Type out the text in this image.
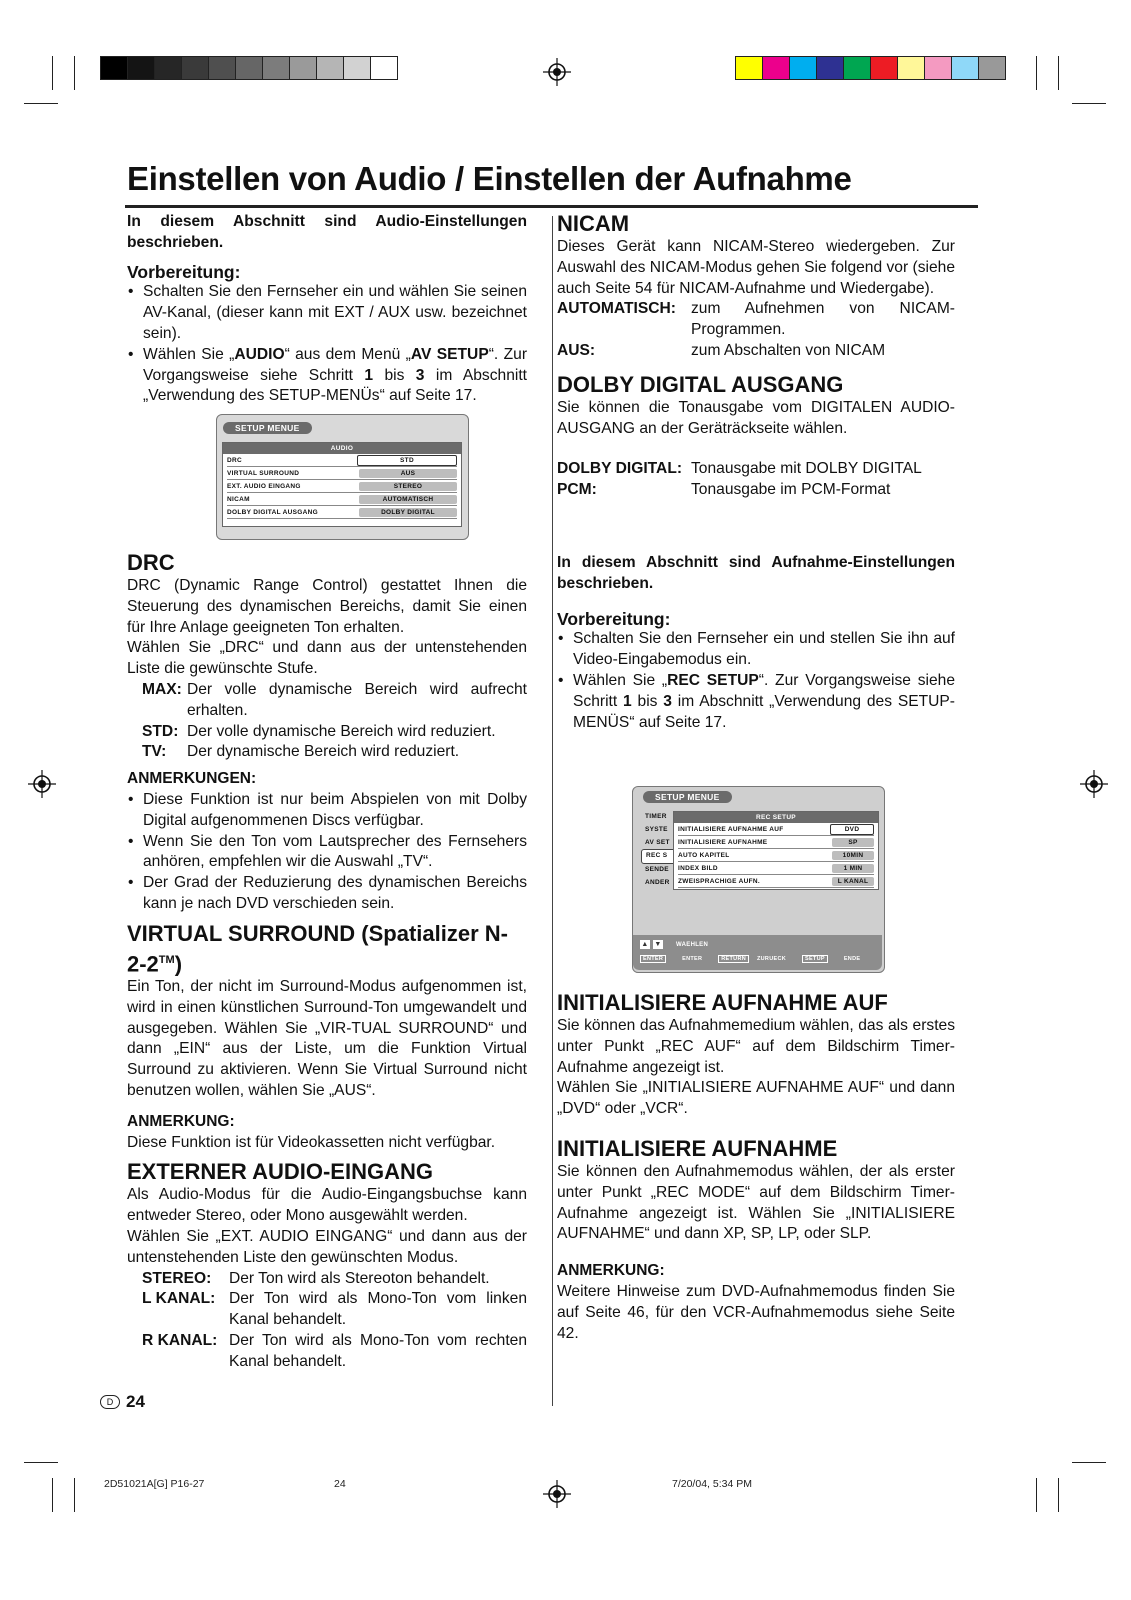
Einstellen von Audio / Einstellen der Aufnahme

In diesem Abschnitt sind Audio-Einstellungen beschrieben.

Vorbereitung:
• Schalten Sie den Fernseher ein und wählen Sie seinen AV-Kanal, (dieser kann mit EXT / AUX usw. bezeichnet sein).
• Wählen Sie „AUDIO“ aus dem Menü „AV SETUP“. Zur Vorgangsweise siehe Schritt 1 bis 3 im Abschnitt „Verwendung des SETUP-MENÜs“ auf Seite 17.
SETUP MENUE
AUDIO
DRC	STD
VIRTUAL SURROUND	AUS
EXT. AUDIO EINGANG	STEREO
NICAM	AUTOMATISCH
DOLBY DIGITAL AUSGANG	DOLBY DIGITAL
DRC

DRC (Dynamic Range Control) gestattet Ihnen die Steuerung des dynamischen Bereichs, damit Sie einen für Ihre Anlage geeigneten Ton erhalten.

Wählen Sie „DRC“ und dann aus der untenstehenden Liste die gewünschte Stufe.

MAX: Der volle dynamische Bereich wird aufrecht erhalten.
STD: Der volle dynamische Bereich wird reduziert.
TV:	Der dynamische Bereich wird reduziert.
ANMERKUNGEN:
• Diese Funktion ist nur beim Abspielen von mit Dolby Digital aufgenommenen Discs verfügbar.
• Wenn Sie den Ton vom Lautsprecher des Fernsehers anhören, empfehlen wir die Auswahl „TV“.
• Der Grad der Reduzierung des dynamischen Bereichs kann je nach DVD verschieden sein.
VIRTUAL SURROUND (Spatializer N-2-2™)

Ein Ton, der nicht im Surround-Modus aufgenommen ist, wird in einen künstlichen Surround-Ton umgewandelt und ausgegeben. Wählen Sie „VIR-TUAL SURROUND“ und dann „EIN“ aus der Liste, um die Funktion Virtual Surround zu aktivieren. Wenn Sie Virtual Surround nicht benutzen wollen, wählen Sie „AUS“.

ANMERKUNG:

Diese Funktion ist für Videokassetten nicht verfügbar.

EXTERNER AUDIO-EINGANG

Als Audio-Modus für die Audio-Eingangsbuchse kann entweder Stereo, oder Mono ausgewählt werden.

Wählen Sie „EXT. AUDIO EINGANG“ und dann aus der untenstehenden Liste den gewünschten Modus.

STEREO:	Der Ton wird als Stereoton behandelt.
L KANAL: Der Ton wird als Mono-Ton vom linken Kanal behandelt.
R KANAL: Der Ton wird als Mono-Ton vom rechten Kanal behandelt.
D 24
NICAM

Dieses Gerät kann NICAM-Stereo wiedergeben. Zur Auswahl des NICAM-Modus gehen Sie folgend vor (siehe auch Seite 54 für NICAM-Aufnahme und Wiedergabe).

AUTOMATISCH: zum Aufnehmen von NICAM-Programmen.
AUS:	zum Abschalten von NICAM
DOLBY DIGITAL AUSGANG

Sie können die Tonausgabe vom DIGITALEN AUDIO-AUSGANG an der Geräträckseite wählen.

DOLBY DIGITAL: Tonausgabe mit DOLBY DIGITAL
PCM:	Tonausgabe im PCM-Format

In diesem Abschnitt sind Aufnahme-Einstellungen beschrieben.

Vorbereitung:
• Schalten Sie den Fernseher ein und stellen Sie ihn auf Video-Eingabemodus ein.
• Wählen Sie „REC SETUP“. Zur Vorgangsweise siehe Schritt 1 bis 3 im Abschnitt „Verwendung des SETUP-MENÜS“ auf Seite 17.
SETUP MENUE
TIMER
SYSTE
AV SET
REC S
SENDE
ANDER
REC SETUP
INITIALISIERE AUFNAHME AUF	DVD
INITIALISIERE AUFNAHME	SP
AUTO KAPITEL	10MIN
INDEX BILD	1 MIN
ZWEISPRACHIGE AUFN.	L KANAL
▲ ▼ WAEHLEN
ENTER	ENTER	RETURN	ZURUECK	SETUP	ENDE
INITIALISIERE AUFNAHME AUF

Sie können das Aufnahmemedium wählen, das als erstes unter Punkt „REC AUF“ auf dem Bildschirm Timer-Aufnahme angezeigt ist.

Wählen Sie „INITIALISIERE AUFNAHME AUF“ und dann „DVD“ oder „VCR“.

INITIALISIERE AUFNAHME

Sie können den Aufnahmemodus wählen, der als erster unter Punkt „REC MODE“ auf dem Bildschirm Timer-Aufnahme angezeigt ist. Wählen Sie „INITIALISIERE AUFNAHME“ und dann XP, SP, LP, oder SLP.

ANMERKUNG:

Weitere Hinweise zum DVD-Aufnahmemodus finden Sie auf Seite 46, für den VCR-Aufnahmemodus siehe Seite 42.

2D51021A[G] P16-27	24	7/20/04, 5:34 PM
